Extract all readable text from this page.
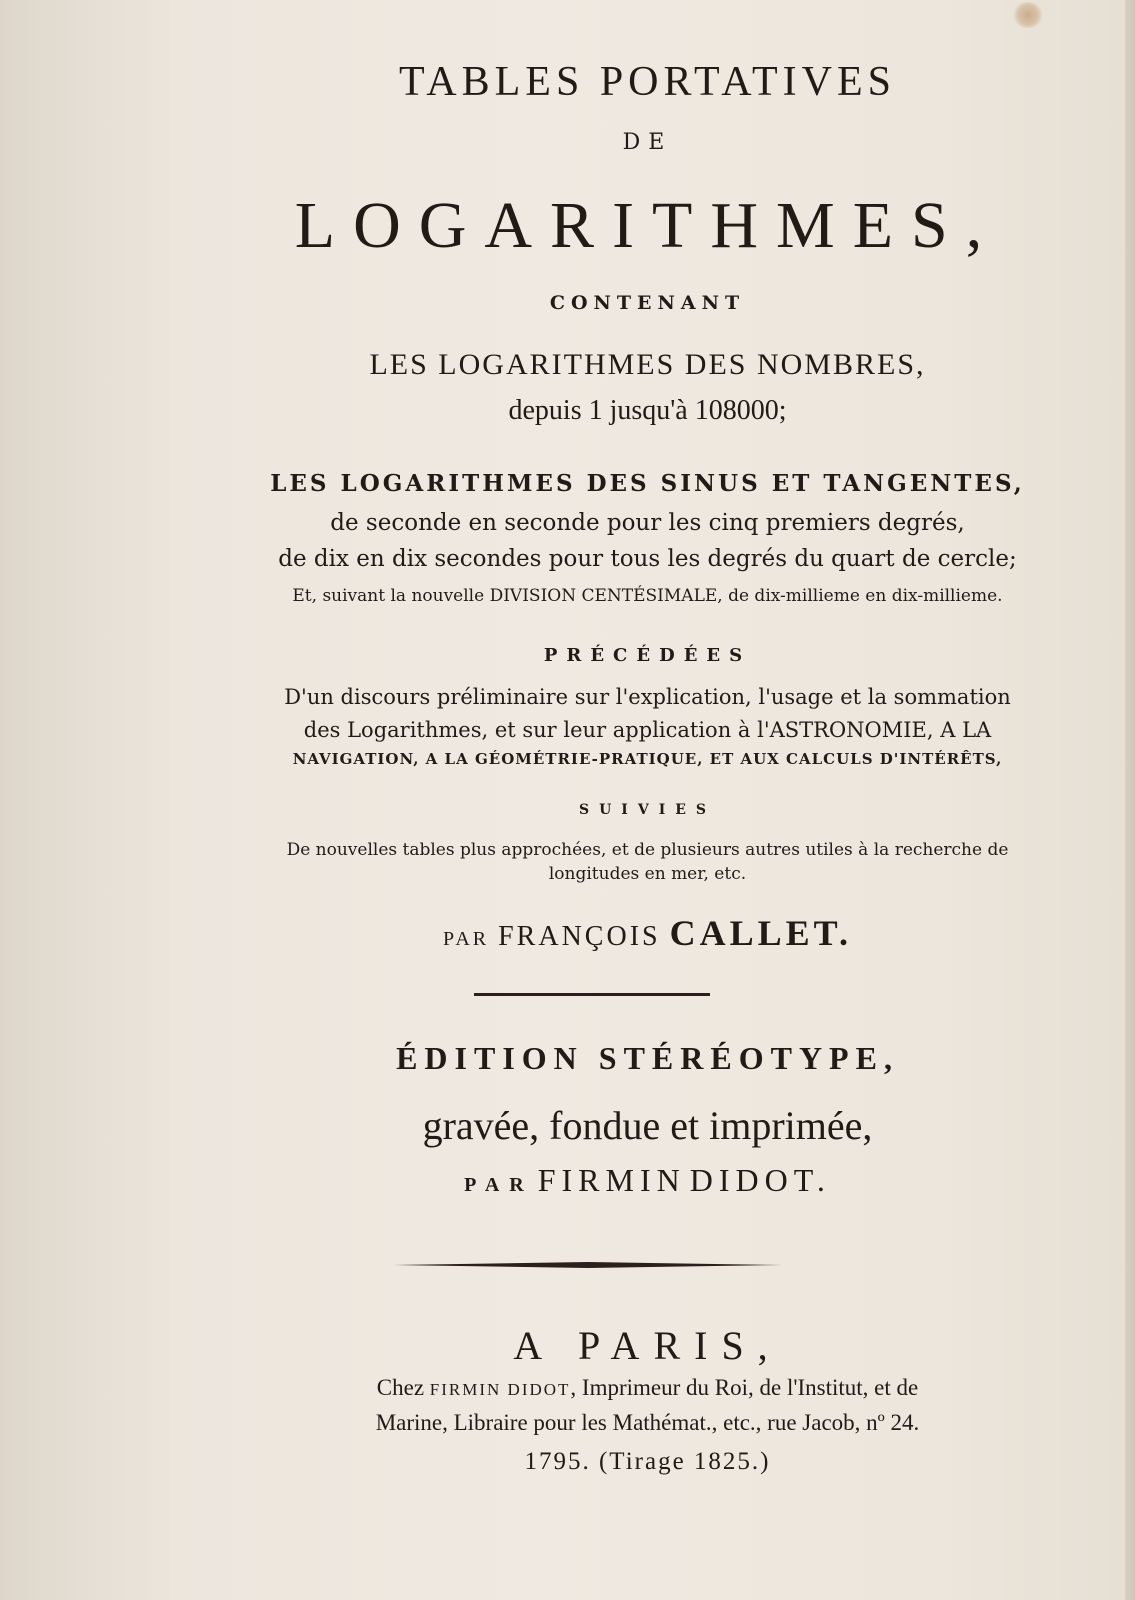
TABLES PORTATIVES

DE

LOGARITHMES,

CONTENANT

LES LOGARITHMES DES NOMBRES,

depuis 1 jusqu'à 108000;

LES LOGARITHMES DES SINUS ET TANGENTES,

de seconde en seconde pour les cinq premiers degrés,

de dix en dix secondes pour tous les degrés du quart de cercle;

Et, suivant la nouvelle DIVISION CENTÉSIMALE, de dix-millieme en dix-millieme.

PRÉCÉDÉES

D'un discours préliminaire sur l'explication, l'usage et la sommation

des Logarithmes, et sur leur application à l'ASTRONOMIE, A LA

NAVIGATION, A LA GÉOMÉTRIE-PRATIQUE, ET AUX CALCULS D'INTÉRÊTS,

SUIVIES

De nouvelles tables plus approchées, et de plusieurs autres utiles à la recherche de

longitudes en mer, etc.

PAR FRANÇOIS CALLET.

ÉDITION STÉRÉOTYPE,

gravée, fondue et imprimée,

PAR FIRMIN DIDOT.

A PARIS,

Chez FIRMIN DIDOT, Imprimeur du Roi, de l'Institut, et de

Marine, Libraire pour les Mathémat., etc., rue Jacob, nº 24.

1795. (Tirage 1825.)
